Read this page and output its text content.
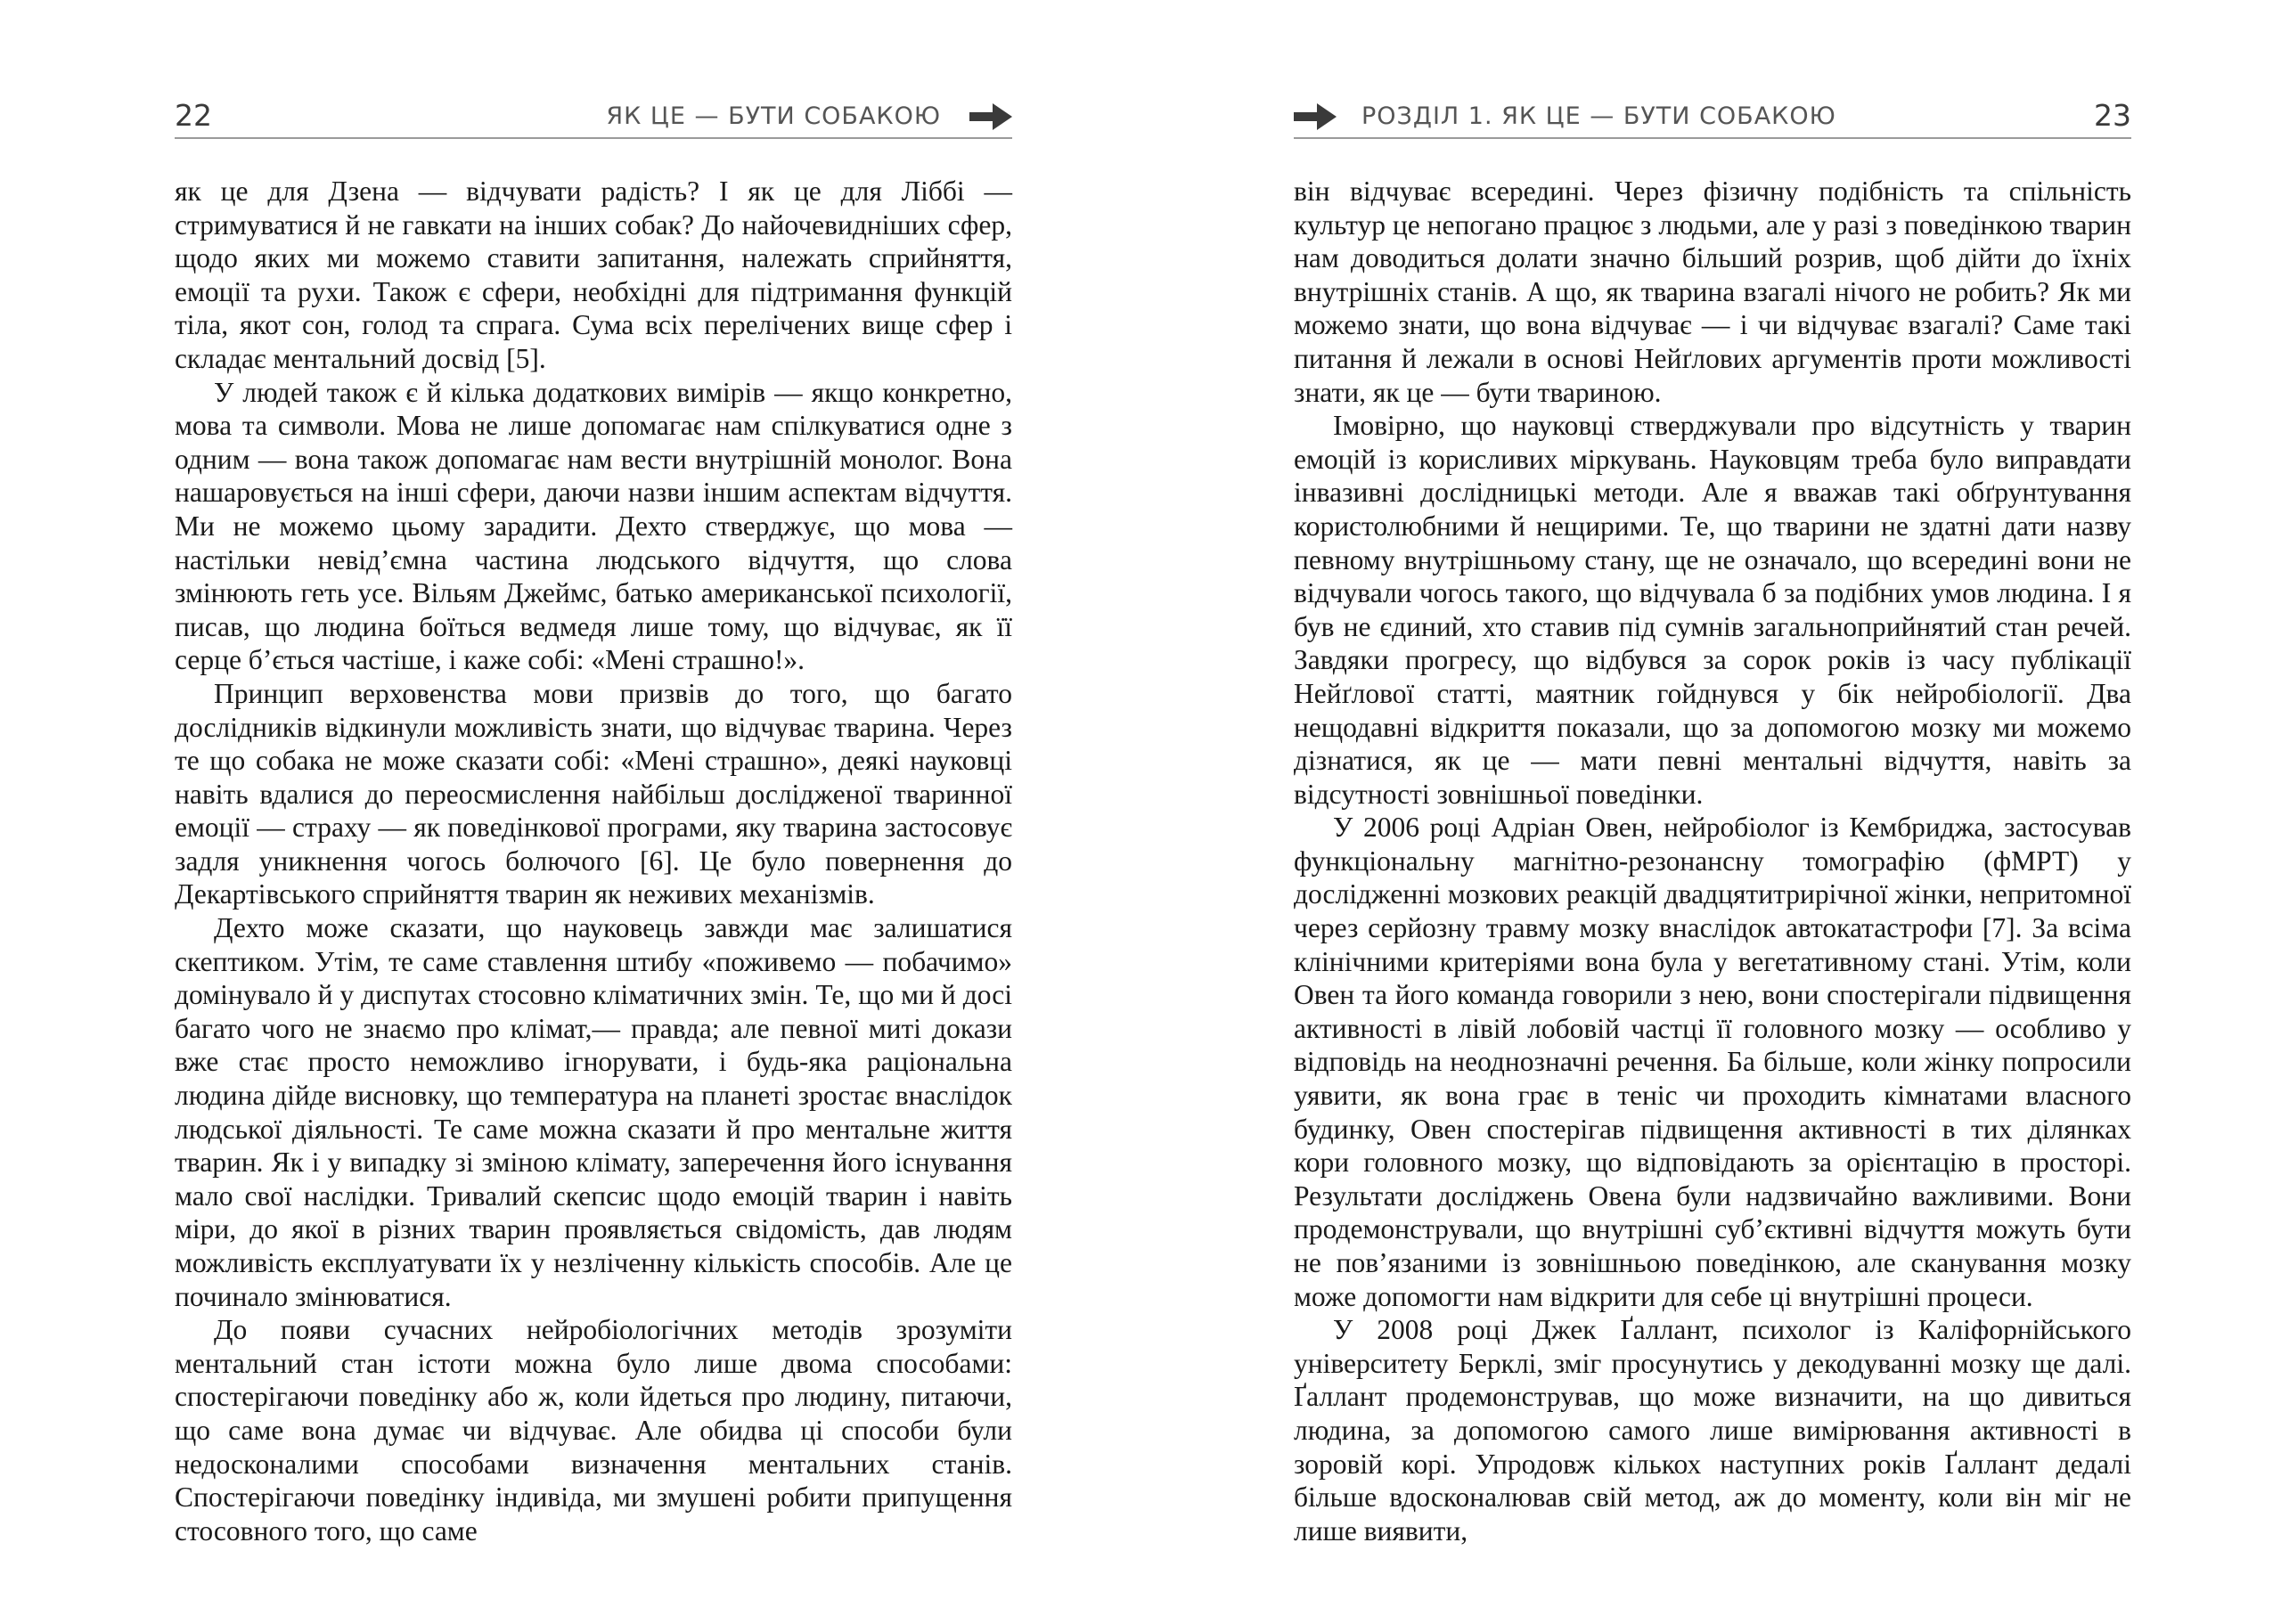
22	ЯК ЦЕ — БУТИ СОБАКОЮ

як це для Дзена — відчувати радість? І як це для Ліббі — стримуватися й не гавкати на інших собак? До найочевидніших сфер, щодо яких ми можемо ставити запитання, належать сприйняття, емоції та рухи. Також є сфери, необхідні для підтримання функцій тіла, якот сон, голод та спрага. Сума всіх перелічених вище сфер і складає ментальний досвід [5].

У людей також є й кілька додаткових вимірів — якщо конкретно, мова та символи. Мова не лише допомагає нам спілкуватися одне з одним — вона також допомагає нам вести внутрішній монолог. Вона нашаровується на інші сфери, даючи назви іншим аспектам відчуття. Ми не можемо цьому зарадити. Дехто стверджує, що мова — настільки невід’ємна частина людського відчуття, що слова змінюють геть усе. Вільям Джеймс, батько американської психології, писав, що людина боїться ведмедя лише тому, що відчуває, як її серце б’ється частіше, і каже собі: «Мені страшно!».

Принцип верховенства мови призвів до того, що багато дослідників відкинули можливість знати, що відчуває тварина. Через те що собака не може сказати собі: «Мені страшно», деякі науковці навіть вдалися до переосмислення найбільш дослідженої тваринної емоції — страху — як поведінкової програми, яку тварина застосовує задля уникнення чогось болючого [6]. Це було повернення до Декартівського сприйняття тварин як неживих механізмів.

Дехто може сказати, що науковець завжди має залишатися скептиком. Утім, те саме ставлення штибу «поживемо — побачимо» домінувало й у диспутах стосовно кліматичних змін. Те, що ми й досі багато чого не знаємо про клімат,— правда; але певної миті докази вже стає просто неможливо ігнорувати, і будь-яка раціональна людина дійде висновку, що температура на планеті зростає внаслідок людської діяльності. Те саме можна сказати й про ментальне життя тварин. Як і у випадку зі зміною клімату, заперечення його існування мало свої наслідки. Тривалий скепсис щодо емоцій тварин і навіть міри, до якої в різних тварин проявляється свідомість, дав людям можливість експлуатувати їх у незліченну кількість способів. Але це починало змінюватися.

До появи сучасних нейробіологічних методів зрозуміти ментальний стан істоти можна було лише двома способами: спостерігаючи поведінку або ж, коли йдеться про людину, питаючи, що саме вона думає чи відчуває. Але обидва ці способи були недосконалими способами визначення ментальних станів. Спостерігаючи поведінку індивіда, ми змушені робити припущення стосовного того, що саме

РОЗДІЛ 1. ЯК ЦЕ — БУТИ СОБАКОЮ	23

він відчуває всередині. Через фізичну подібність та спільність культур це непогано працює з людьми, але у разі з поведінкою тварин нам доводиться долати значно більший розрив, щоб дійти до їхніх внутрішніх станів. А що, як тварина взагалі нічого не робить? Як ми можемо знати, що вона відчуває — і чи відчуває взагалі? Саме такі питання й лежали в основі Нейґлових аргументів проти можливості знати, як це — бути твариною.

Імовірно, що науковці стверджували про відсутність у тварин емоцій із корисливих міркувань. Науковцям треба було виправдати інвазивні дослідницькі методи. Але я вважав такі обґрунтування користолюбними й нещирими. Те, що тварини не здатні дати назву певному внутрішньому стану, ще не означало, що всередині вони не відчували чогось такого, що відчувала б за подібних умов людина. І я був не єдиний, хто ставив під сумнів загальноприйнятий стан речей. Завдяки прогресу, що відбувся за сорок років із часу публікації Нейґлової статті, маятник гойднувся у бік нейробіології. Два нещодавні відкриття показали, що за допомогою мозку ми можемо дізнатися, як це — мати певні ментальні відчуття, навіть за відсутності зовнішньої поведінки.

У 2006 році Адріан Овен, нейробіолог із Кембриджа, застосував функціональну магнітно-резонансну томографію (фМРТ) у дослідженні мозкових реакцій двадцятитрирічної жінки, непритомної через серйозну травму мозку внаслідок автокатастрофи [7]. За всіма клінічними критеріями вона була у вегетативному стані. Утім, коли Овен та його команда говорили з нею, вони спостерігали підвищення активності в лівій лобовій частці її головного мозку — особливо у відповідь на неоднозначні речення. Ба більше, коли жінку попросили уявити, як вона грає в теніс чи проходить кімнатами власного будинку, Овен спостерігав підвищення активності в тих ділянках кори головного мозку, що відповідають за орієнтацію в просторі. Результати досліджень Овена були надзвичайно важливими. Вони продемонстрували, що внутрішні суб’єктивні відчуття можуть бути не пов’язаними із зовнішньою поведінкою, але сканування мозку може допомогти нам відкрити для себе ці внутрішні процеси.

У 2008 році Джек Ґаллант, психолог із Каліфорнійського університету Берклі, зміг просунутись у декодуванні мозку ще далі. Ґаллант продемонстрував, що може визначити, на що дивиться людина, за допомогою самого лише вимірювання активності в зоровій корі. Упродовж кількох наступних років Ґаллант дедалі більше вдосконалював свій метод, аж до моменту, коли він міг не лише виявити,
